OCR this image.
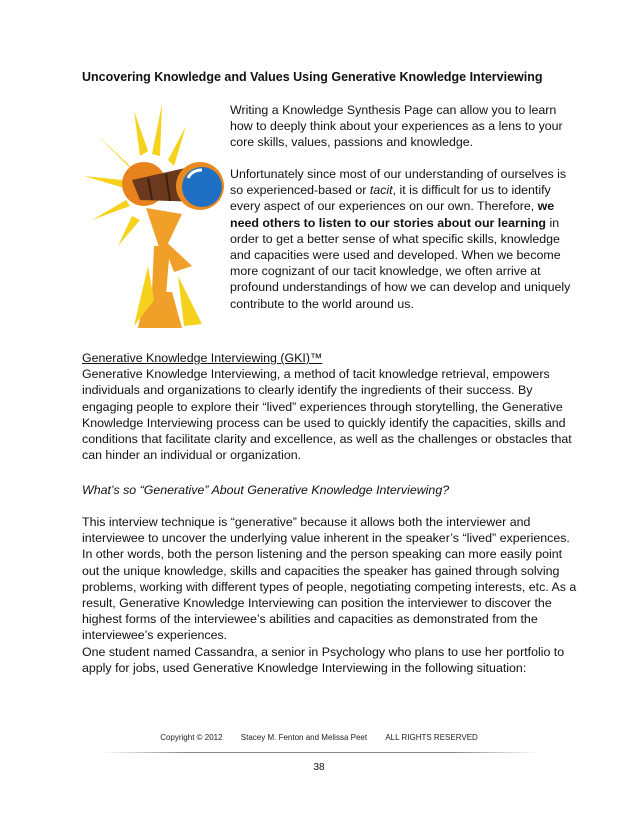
Uncovering Knowledge and Values Using Generative Knowledge Interviewing

Writing a Knowledge Synthesis Page can allow you to learn how to deeply think about your experiences as a lens to your core skills, values, passions and knowledge.

Unfortunately since most of our understanding of ourselves is so experienced-based or tacit, it is difficult for us to identify every aspect of our experiences on our own. Therefore, we need others to listen to our stories about our learning in order to get a better sense of what specific skills, knowledge and capacities were used and developed. When we become more cognizant of our tacit knowledge, we often arrive at profound understandings of how we can develop and uniquely contribute to the world around us.

Generative Knowledge Interviewing (GKI)™

Generative Knowledge Interviewing, a method of tacit knowledge retrieval, empowers individuals and organizations to clearly identify the ingredients of their success. By engaging people to explore their “lived” experiences through storytelling, the Generative Knowledge Interviewing process can be used to quickly identify the capacities, skills and conditions that facilitate clarity and excellence, as well as the challenges or obstacles that can hinder an individual or organization.

What’s so “Generative” About Generative Knowledge Interviewing?

This interview technique is “generative” because it allows both the interviewer and interviewee to uncover the underlying value inherent in the speaker’s “lived” experiences. In other words, both the person listening and the person speaking can more easily point out the unique knowledge, skills and capacities the speaker has gained through solving problems, working with different types of people, negotiating competing interests, etc. As a result, Generative Knowledge Interviewing can position the interviewer to discover the highest forms of the interviewee’s abilities and capacities as demonstrated from the interviewee’s experiences.

One student named Cassandra, a senior in Psychology who plans to use her portfolio to apply for jobs, used Generative Knowledge Interviewing in the following situation:

Copyright © 2012 Stacey M. Fenton and Melissa Peet ALL RIGHTS RESERVED
38
